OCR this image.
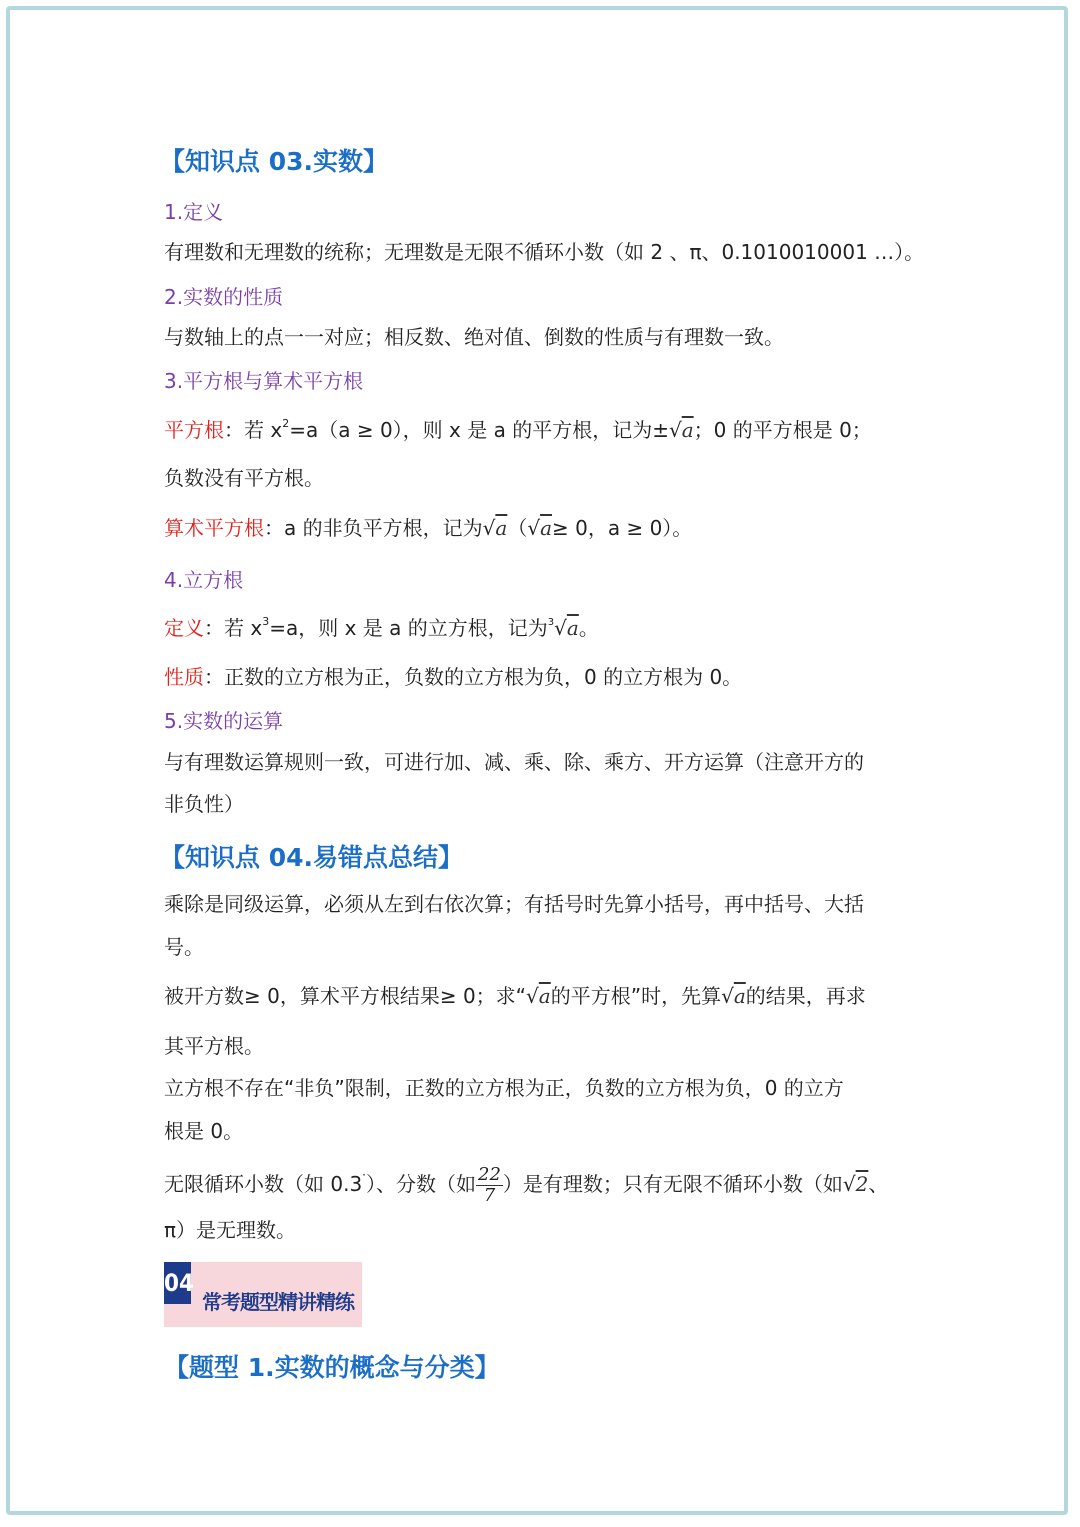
【知识点 03.实数】
1.定义
有理数和无理数的统称；无理数是无限不循环小数（如 2 、π、0.1010010001 …）。
2.实数的性质
与数轴上的点一一对应；相反数、绝对值、倒数的性质与有理数一致。
3.平方根与算术平方根
平方根：若 $x^2=a(a \ge 0)$，则 x 是 a 的平方根，记为±√a；0 的平方根是 0；
负数没有平方根。
算术平方根：a 的非负平方根，记为√a（√a≥ 0，a ≥ 0）。
4.立方根
定义：若 $x^3=a$，则 x 是 a 的立方根，记为$^3$√a。
性质：正数的立方根为正，负数的立方根为负，0 的立方根为 0。
5.实数的运算
与有理数运算规则一致，可进行加、减、乘、除、乘方、开方运算（注意开方的
非负性）
【知识点 04.易错点总结】
乘除是同级运算，必须从左到右依次算；有括号时先算小括号，再中括号、大括
号。
被开方数≥ 0，算术平方根结果≥ 0；求“√a的平方根”时，先算√a的结果，再求
其平方根。
立方根不存在“非负”限制，正数的立方根为正，负数的立方根为负，0 的立方
根是 0。
无限循环小数（如 0.3·）、分数（如 $\frac{22}{7}$ ）是有理数；只有无限不循环小数（如√2、
π）是无理数。
04
常考题型精讲精练
【题型 1.实数的概念与分类】
